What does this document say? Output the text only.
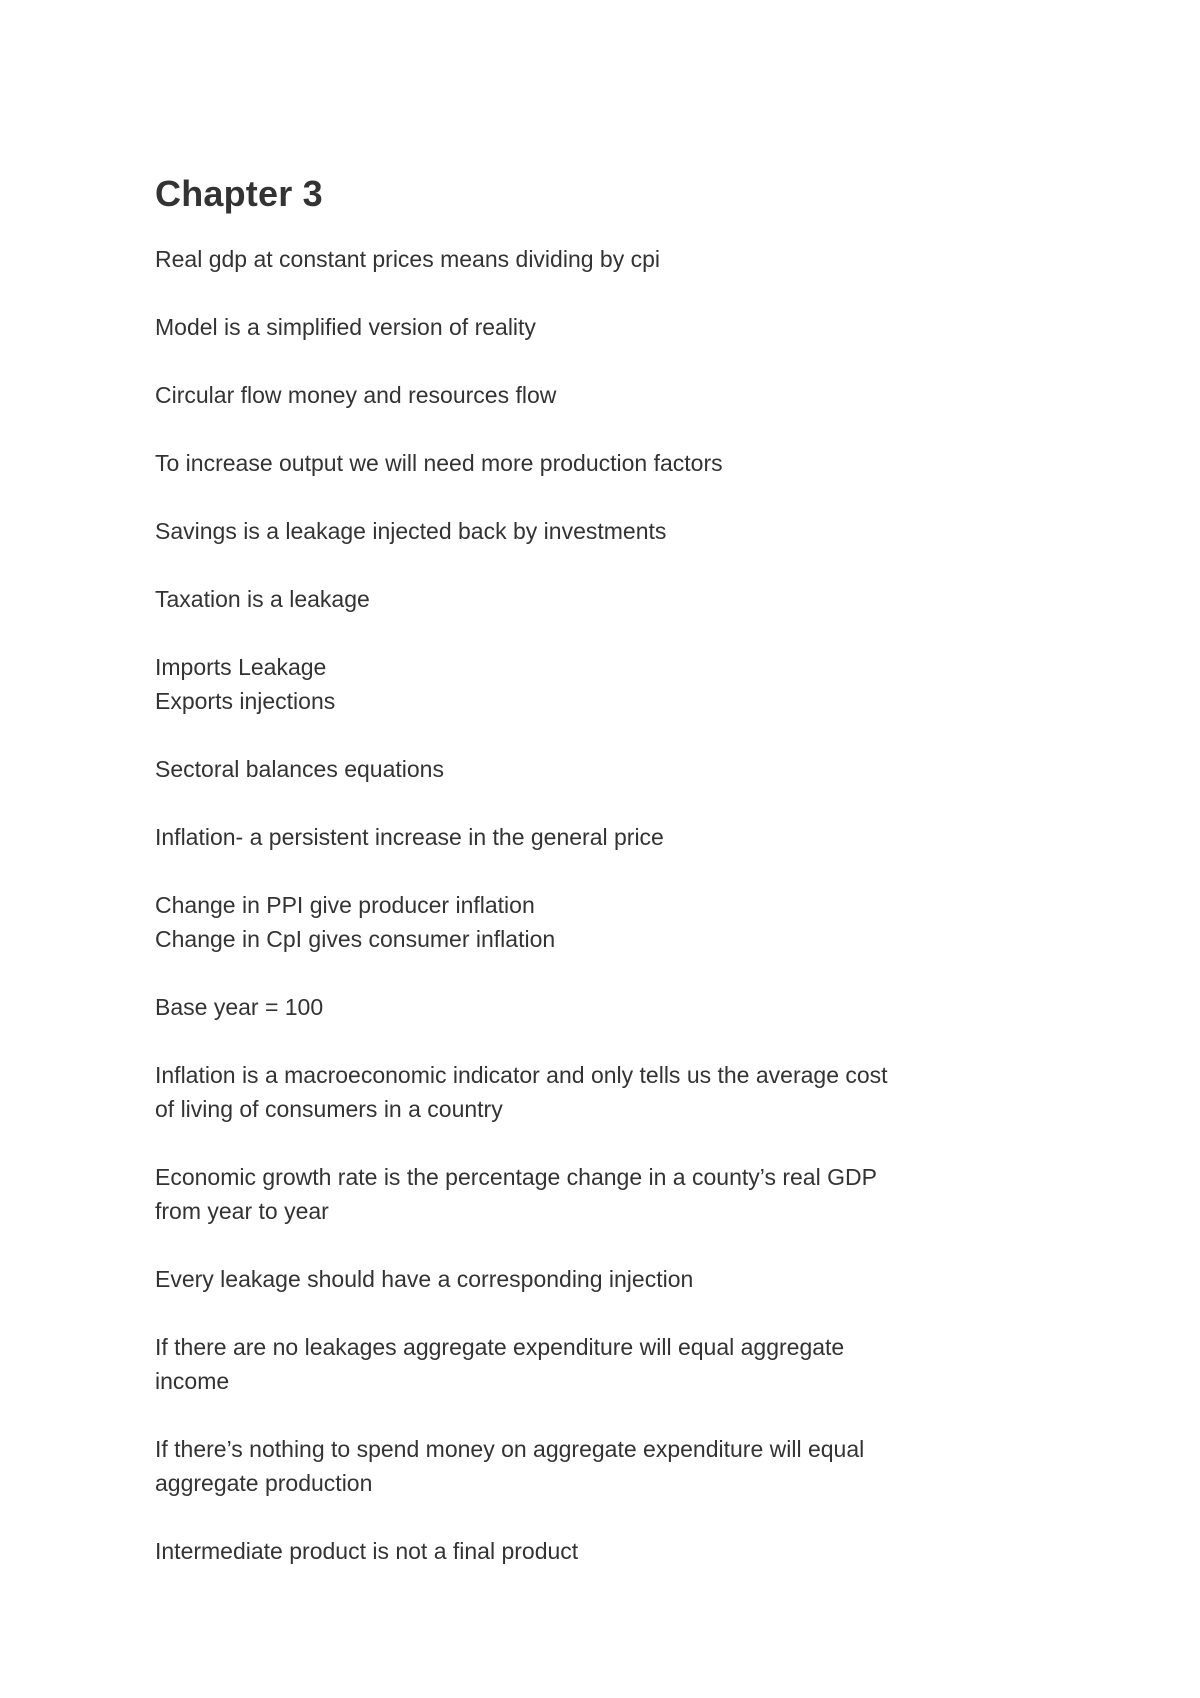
Chapter 3

Real gdp at constant prices means dividing by cpi

Model is a simplified version of reality

Circular flow money and resources flow

To increase output we will need more production factors

Savings is a leakage injected back by investments

Taxation is a leakage

Imports Leakage
Exports injections

Sectoral balances equations

Inflation- a persistent increase in the general price

Change in PPI give producer inflation
Change in CpI gives consumer inflation

Base year = 100

Inflation is a macroeconomic indicator and only tells us the average cost
of living of consumers in a country

Economic growth rate is the percentage change in a county’s real GDP
from year to year

Every leakage should have a corresponding injection

If there are no leakages aggregate expenditure will equal aggregate
income

If there’s nothing to spend money on aggregate expenditure will equal
aggregate production

Intermediate product is not a final product
